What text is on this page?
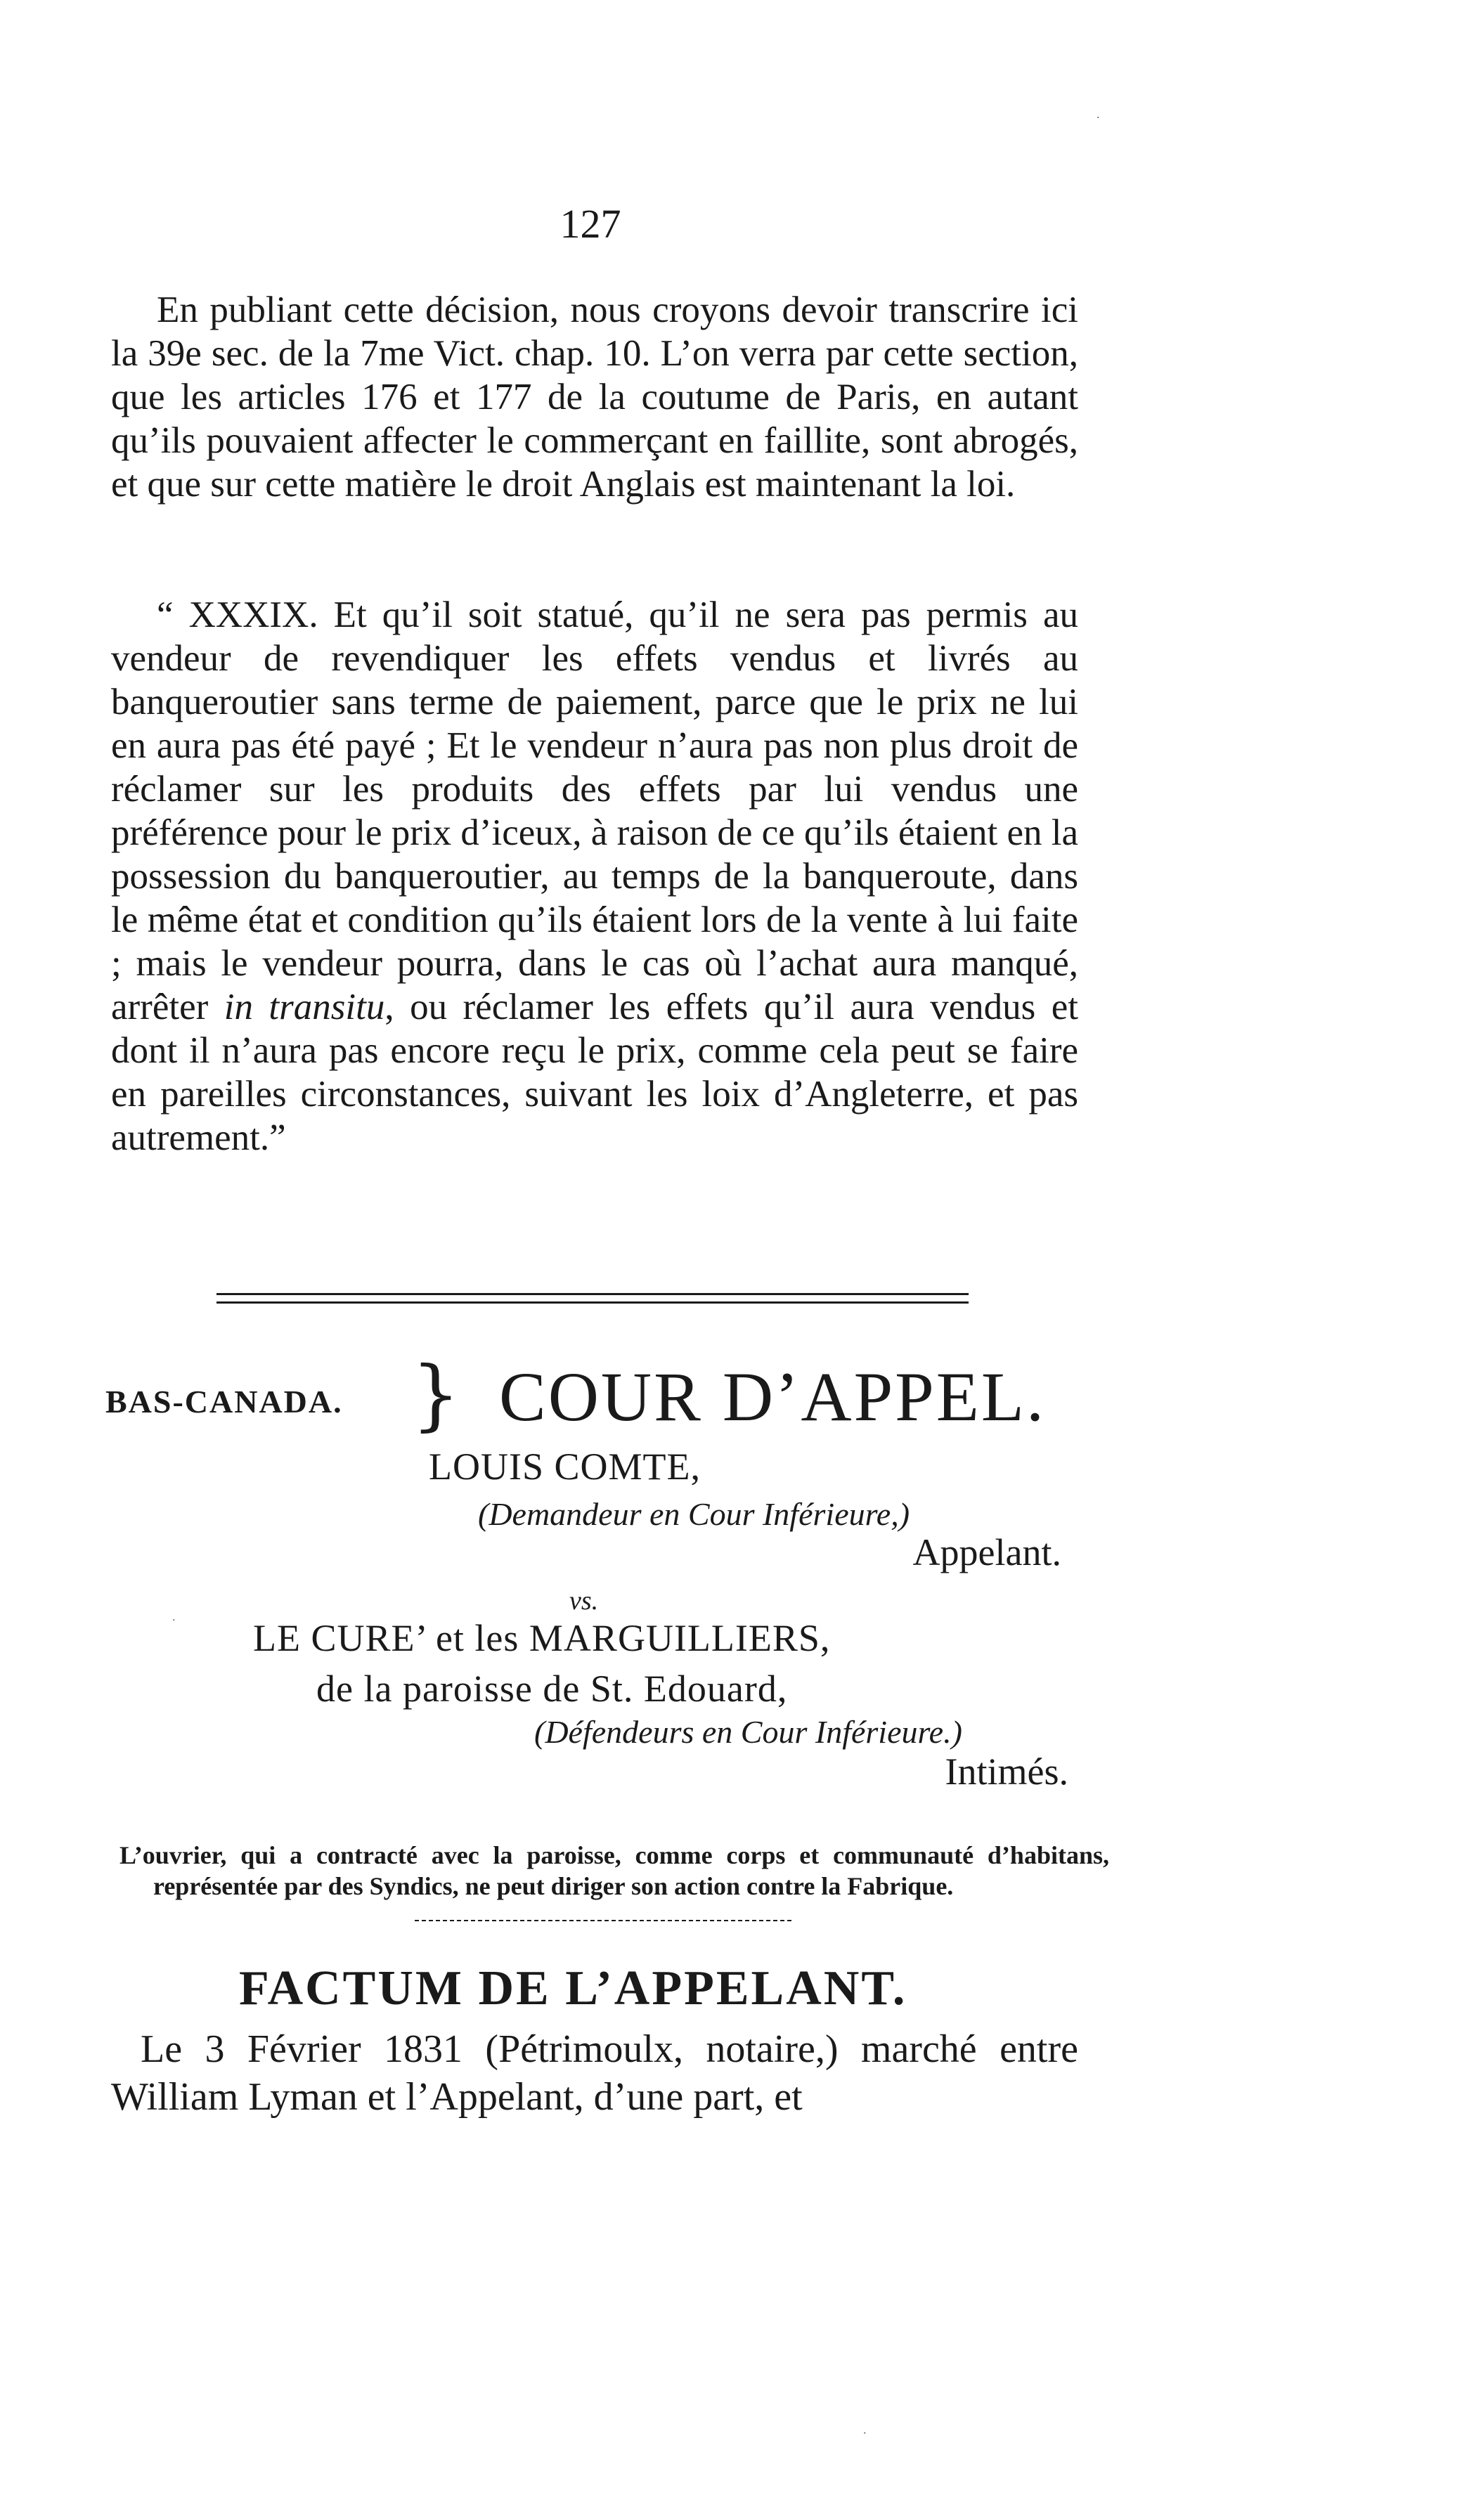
127

En publiant cette décision, nous croyons devoir transcrire ici la 39e sec. de la 7me Vict. chap. 10. L’on verra par cette section, que les articles 176 et 177 de la coutume de Paris, en autant qu’ils pouvaient affecter le commerçant en faillite, sont abrogés, et que sur cette matière le droit Anglais est maintenant la loi.

“ XXXIX. Et qu’il soit statué, qu’il ne sera pas permis au vendeur de revendiquer les effets vendus et livrés au banqueroutier sans terme de paiement, parce que le prix ne lui en aura pas été payé ; Et le vendeur n’aura pas non plus droit de réclamer sur les produits des effets par lui vendus une préférence pour le prix d’iceux, à raison de ce qu’ils étaient en la possession du banqueroutier, au temps de la banqueroute, dans le même état et condition qu’ils étaient lors de la vente à lui faite ; mais le vendeur pourra, dans le cas où l’achat aura manqué, arrêter in transitu, ou réclamer les effets qu’il aura vendus et dont il n’aura pas encore reçu le prix, comme cela peut se faire en pareilles circonstances, suivant les loix d’Angleterre, et pas autrement.”

BAS-CANADA. } COUR D’APPEL.
LOUIS COMTE,
(Demandeur en Cour Inférieure,)
Appelant.
vs.
LE CURE’ et les MARGUILLIERS,
de la paroisse de St. Edouard,
(Défendeurs en Cour Inférieure.)
Intimés.

L’ouvrier, qui a contracté avec la paroisse, comme corps et communauté d’habitans, représentée par des Syndics, ne peut diriger son action contre la Fabrique.

FACTUM DE L’APPELANT.

Le 3 Février 1831 (Pétrimoulx, notaire,) marché entre William Lyman et l’Appelant, d’une part, et

·
·
·
